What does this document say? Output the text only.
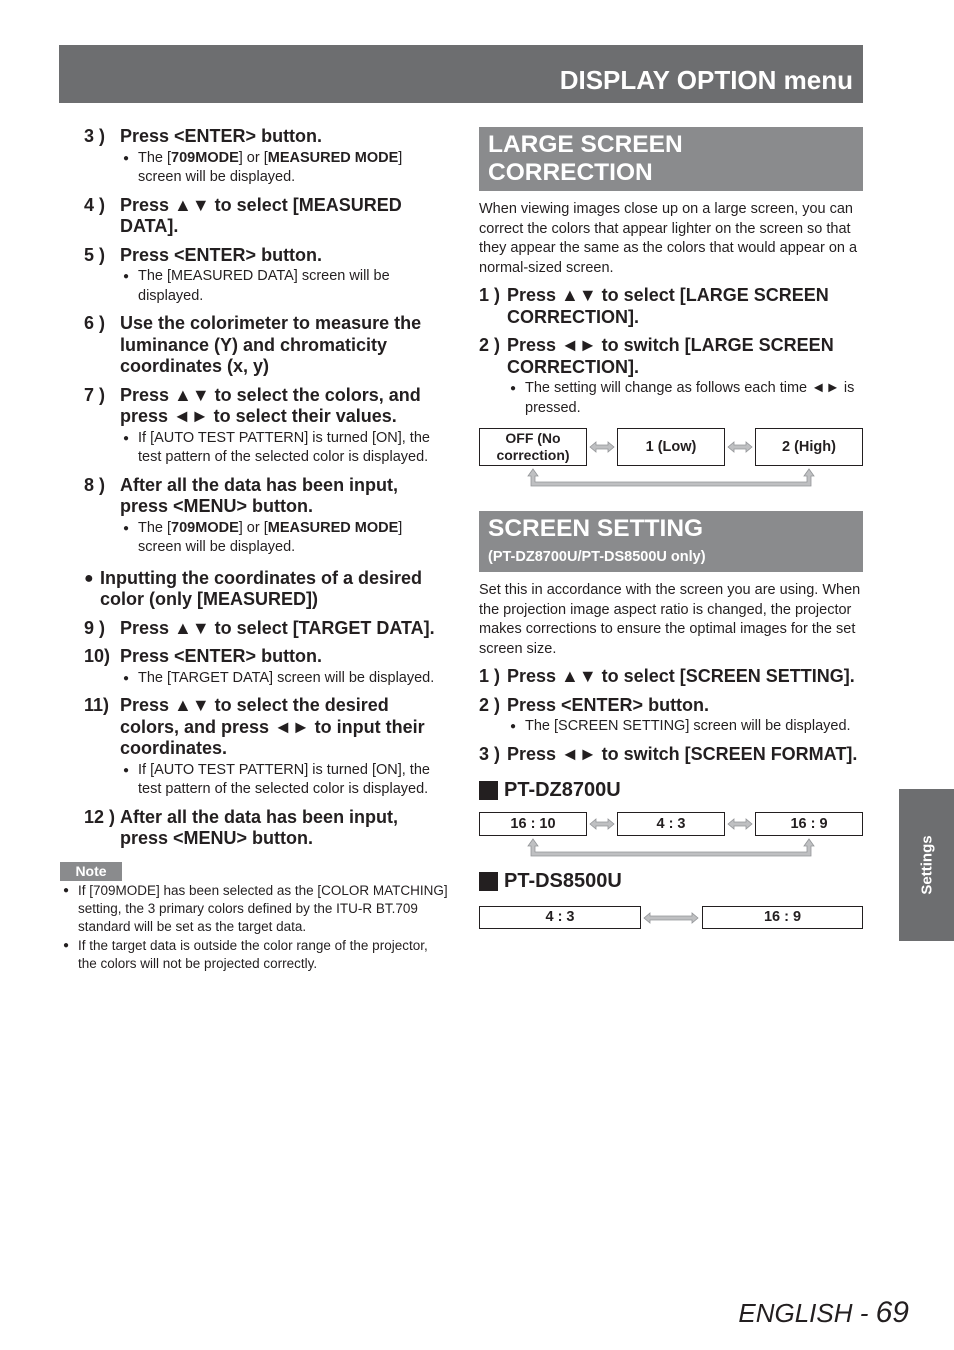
DISPLAY OPTION menu
3 ) Press <ENTER> button.
● The [709MODE] or [MEASURED MODE] screen will be displayed.
4 ) Press ▲▼ to select [MEASURED DATA].
5 ) Press <ENTER> button.
● The [MEASURED DATA] screen will be displayed.
6 ) Use the colorimeter to measure the luminance (Y) and chromaticity coordinates (x, y)
7 ) Press ▲▼ to select the colors, and press ◄► to select their values.
● If [AUTO TEST PATTERN] is turned [ON], the test pattern of the selected color is displayed.
8 ) After all the data has been input, press <MENU> button.
● The [709MODE] or [MEASURED MODE] screen will be displayed.
● Inputting the coordinates of a desired color (only [MEASURED])
9 ) Press ▲▼ to select [TARGET DATA].
10) Press <ENTER> button.
● The [TARGET DATA] screen will be displayed.
11) Press ▲▼ to select the desired colors, and press ◄► to input their coordinates.
● If [AUTO TEST PATTERN] is turned [ON], the test pattern of the selected color is displayed.
12 ) After all the data has been input, press <MENU> button.
Note
● If [709MODE] has been selected as the [COLOR MATCHING] setting, the 3 primary colors defined by the ITU-R BT.709 standard will be set as the target data.
● If the target data is outside the color range of the projector, the colors will not be projected correctly.
LARGE SCREEN CORRECTION
When viewing images close up on a large screen, you can correct the colors that appear lighter on the screen so that they appear the same as the colors that would appear on a normal-sized screen.
1 ) Press ▲▼ to select [LARGE SCREEN CORRECTION].
2 ) Press ◄► to switch [LARGE SCREEN CORRECTION].
● The setting will change as follows each time ◄► is pressed.
OFF (No correction)
1 (Low)	2 (High)
SCREEN SETTING
(PT-DZ8700U/PT-DS8500U only)
Set this in accordance with the screen you are using. When the projection image aspect ratio is changed, the projector makes corrections to ensure the optimal images for the set screen size.
1 ) Press ▲▼ to select [SCREEN SETTING].
2 ) Press <ENTER> button.
● The [SCREEN SETTING] screen will be displayed.
3 ) Press ◄► to switch [SCREEN FORMAT].
PT-DZ8700U
16 : 10	4 : 3	16 : 9
PT-DS8500U
4 : 3	16 : 9
Settings
ENGLISH - 69
